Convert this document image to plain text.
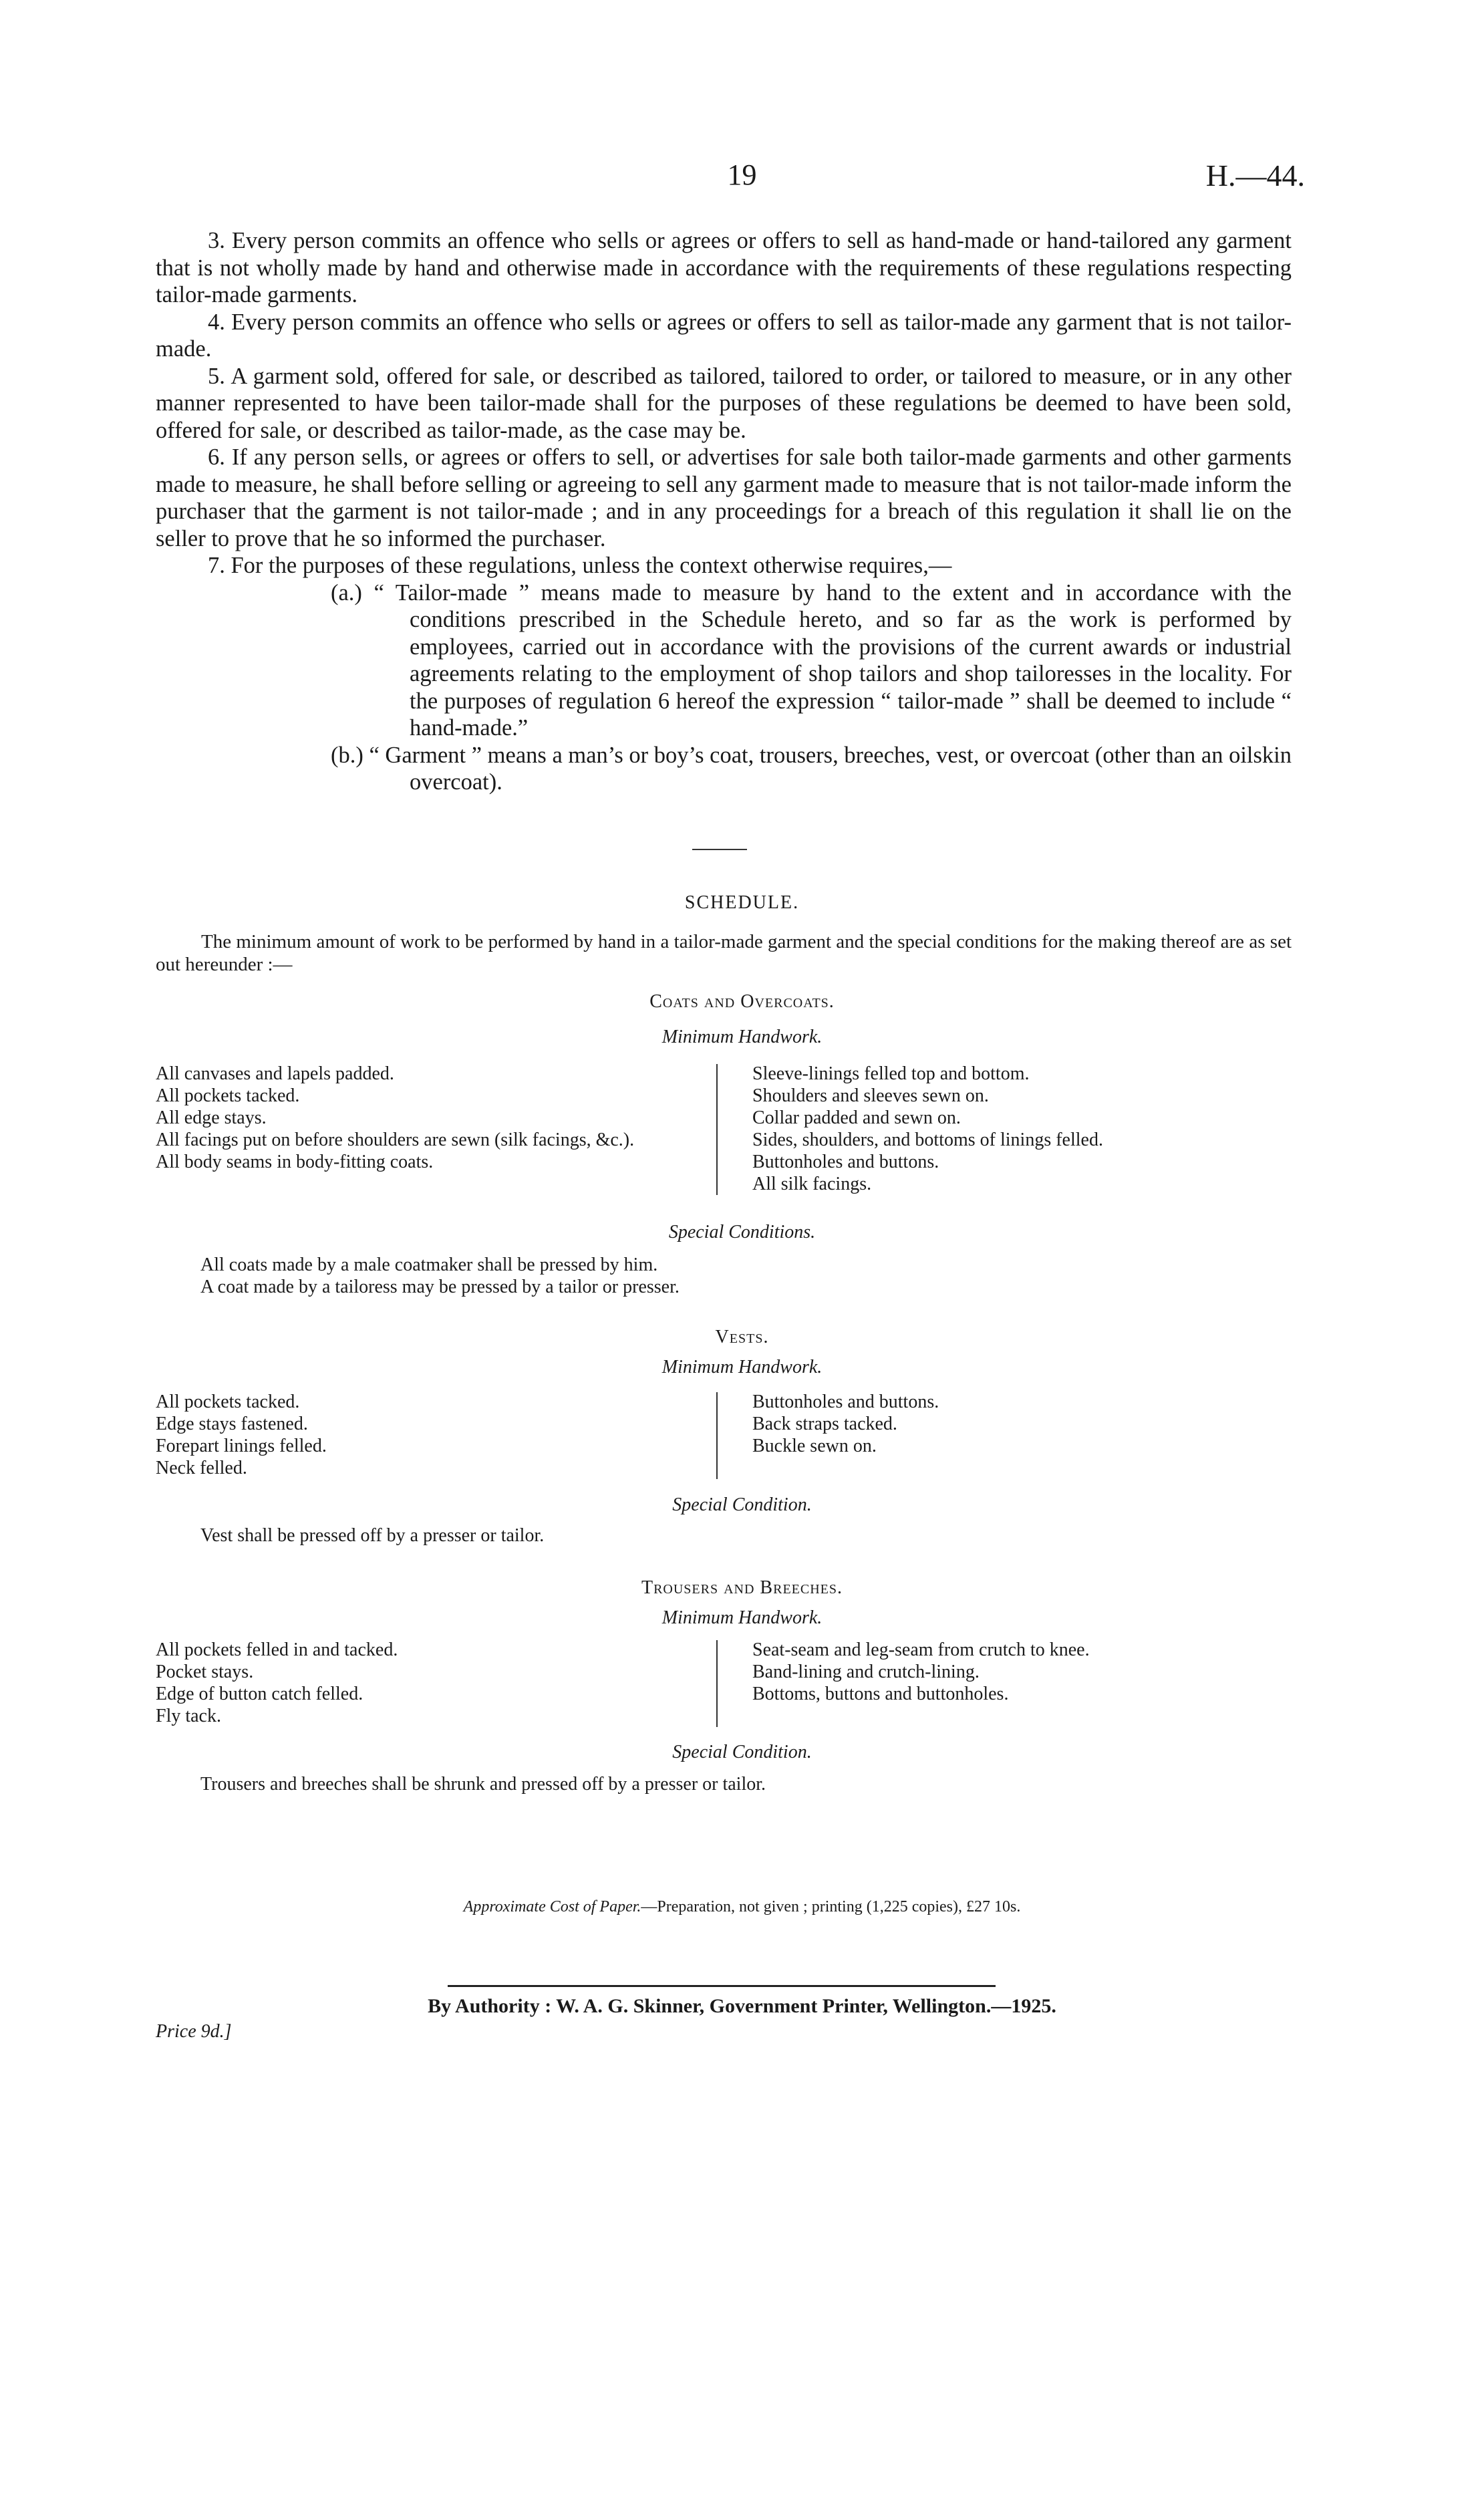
19	H.—44.

3. Every person commits an offence who sells or agrees or offers to sell as hand-made or hand-tailored any garment that is not wholly made by hand and otherwise made in accordance with the requirements of these regulations respecting tailor-made garments.

4. Every person commits an offence who sells or agrees or offers to sell as tailor-made any garment that is not tailor-made.

5. A garment sold, offered for sale, or described as tailored, tailored to order, or tailored to measure, or in any other manner represented to have been tailor-made shall for the purposes of these regulations be deemed to have been sold, offered for sale, or described as tailor-made, as the case may be.

6. If any person sells, or agrees or offers to sell, or advertises for sale both tailor-made garments and other garments made to measure, he shall before selling or agreeing to sell any garment made to measure that is not tailor-made inform the purchaser that the garment is not tailor-made ; and in any proceedings for a breach of this regulation it shall lie on the seller to prove that he so informed the purchaser.

7. For the purposes of these regulations, unless the context otherwise requires,—

(a.) “ Tailor-made ” means made to measure by hand to the extent and in accordance with the conditions prescribed in the Schedule hereto, and so far as the work is performed by employees, carried out in accordance with the provisions of the current awards or industrial agreements relating to the employment of shop tailors and shop tailoresses in the locality. For the purposes of regulation 6 hereof the expression “ tailor-made ” shall be deemed to include “ hand-made.”

(b.) “ Garment ” means a man’s or boy’s coat, trousers, breeches, vest, or overcoat (other than an oilskin overcoat).

SCHEDULE.

The minimum amount of work to be performed by hand in a tailor-made garment and the special conditions for the making thereof are as set out hereunder :—

Coats and Overcoats.
Minimum Handwork.
All canvases and lapels padded.
All pockets tacked.
All edge stays.
All facings put on before shoulders are sewn (silk facings, &c.).
All body seams in body-fitting coats.
Sleeve-linings felled top and bottom.
Shoulders and sleeves sewn on.
Collar padded and sewn on.
Sides, shoulders, and bottoms of linings felled.
Buttonholes and buttons.
All silk facings.
Special Conditions.
All coats made by a male coatmaker shall be pressed by him.
A coat made by a tailoress may be pressed by a tailor or presser.
Vests.
Minimum Handwork.
All pockets tacked.
Edge stays fastened.
Forepart linings felled.
Neck felled.
Buttonholes and buttons.
Back straps tacked.
Buckle sewn on.
Special Condition.
Vest shall be pressed off by a presser or tailor.
Trousers and Breeches.
Minimum Handwork.
All pockets felled in and tacked.
Pocket stays.
Edge of button catch felled.
Fly tack.
Seat-seam and leg-seam from crutch to knee.
Band-lining and crutch-lining.
Bottoms, buttons and buttonholes.
Special Condition.
Trousers and breeches shall be shrunk and pressed off by a presser or tailor.
Approximate Cost of Paper.—Preparation, not given ; printing (1,225 copies), £27 10s.
By Authority : W. A. G. Skinner, Government Printer, Wellington.—1925.
Price 9d.]
